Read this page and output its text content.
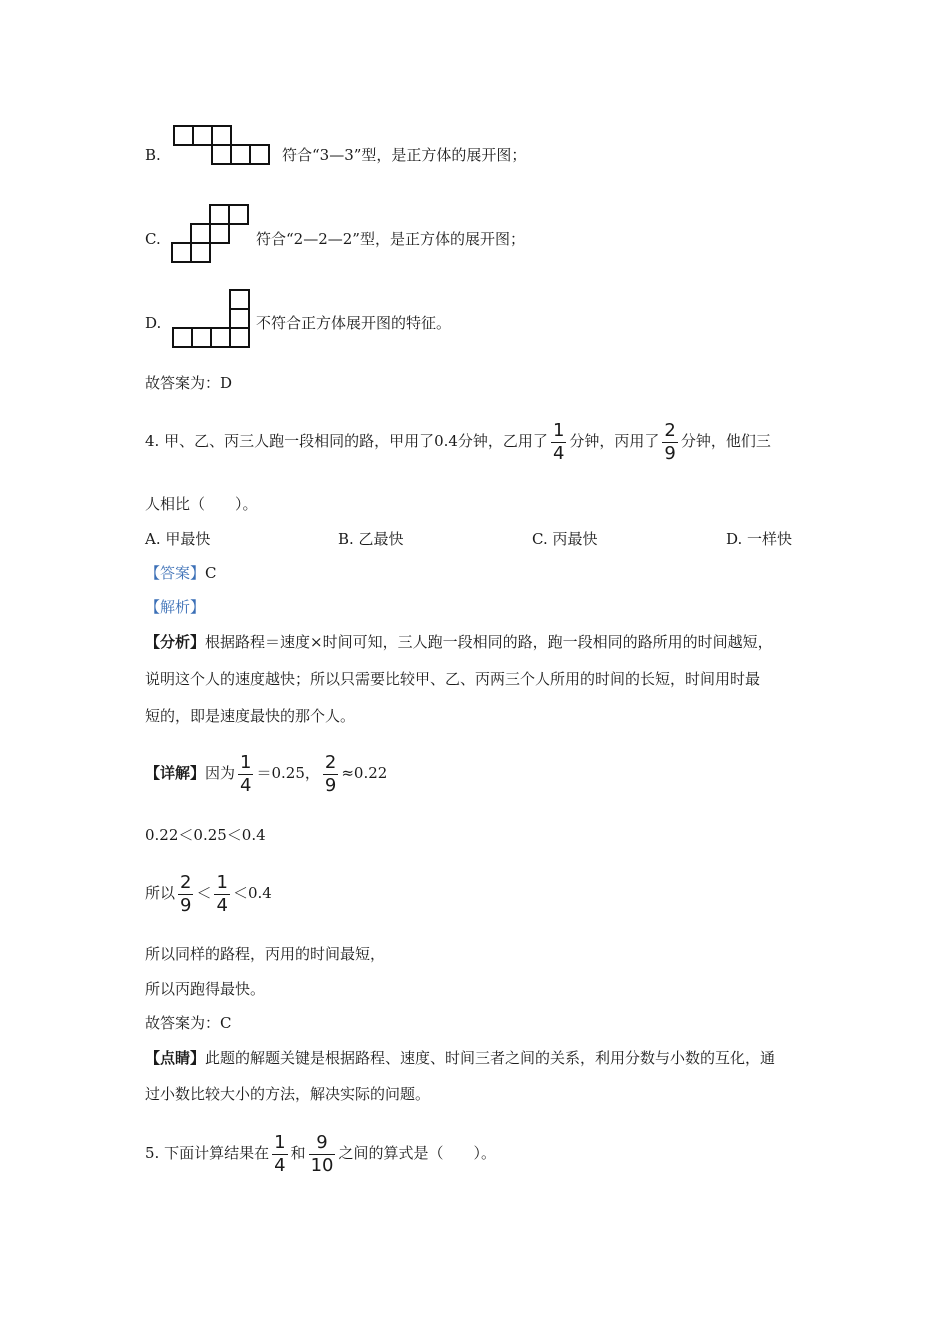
B.	符合“3—3”型，是正方体的展开图；
C.	符合“2—2—2”型，是正方体的展开图；
D.	不符合正方体展开图的特征。
故答案为：D
4. 甲、乙、丙三人跑一段相同的路，甲用了0.4分钟，乙用了 $\frac{1}{4}$ 分钟，丙用了 $\frac{2}{9}$ 分钟，他们三
人相比（　　）。
A. 甲最快	B. 乙最快	C. 丙最快	D. 一样快
【答案】C
【解析】
【分析】根据路程＝速度×时间可知，三人跑一段相同的路，跑一段相同的路所用的时间越短，
说明这个人的速度越快；所以只需要比较甲、乙、丙两三个人所用的时间的长短，时间用时最
短的，即是速度最快的那个人。
【详解】因为 $\frac{1}{4} =0.25$， $\frac{2}{9} \approx 0.22$
0.22＜0.25＜0.4
所以 $\frac{2}{9} < \frac{1}{4} <0.4$
所以同样的路程，丙用的时间最短，
所以丙跑得最快。
故答案为：C
【点睛】此题的解题关键是根据路程、速度、时间三者之间的关系，利用分数与小数的互化，通
过小数比较大小的方法，解决实际的问题。
5. 下面计算结果在 $\frac{1}{4}$ 和 $\frac{9}{10}$ 之间的算式是（　　）。
